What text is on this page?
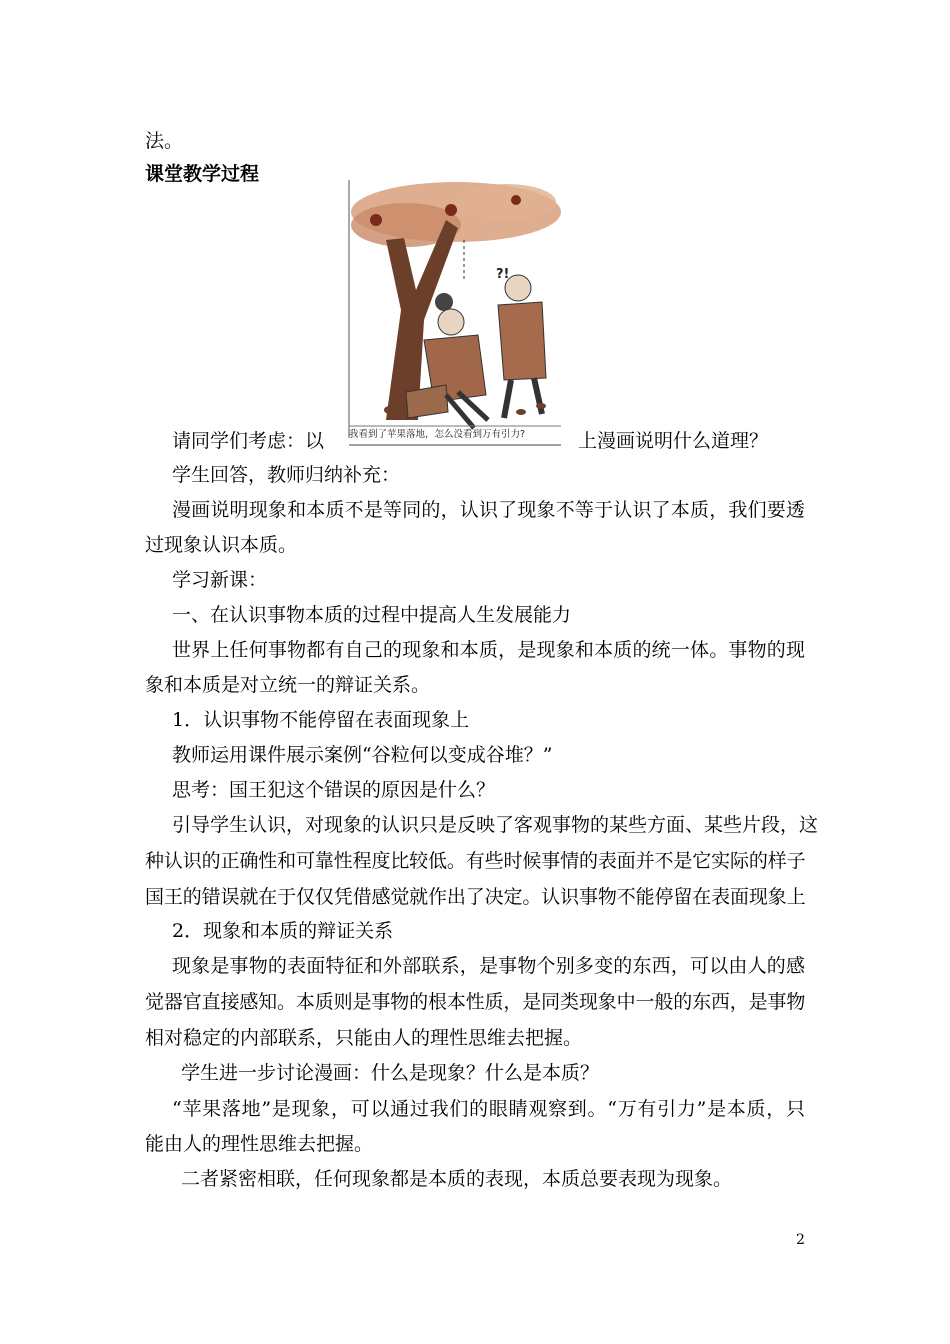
法。
课堂教学过程
?!
我看到了苹果落地，怎么没看到万有引力?
请同学们考虑：以	上漫画说明什么道理？
学生回答，教师归纳补充：
漫画说明现象和本质不是等同的，认识了现象不等于认识了本质，我们要透
过现象认识本质。
学习新课：
一、在认识事物本质的过程中提高人生发展能力
世界上任何事物都有自己的现象和本质，是现象和本质的统一体。事物的现
象和本质是对立统一的辩证关系。
1．认识事物不能停留在表面现象上
教师运用课件展示案例“谷粒何以变成谷堆？”
思考：国王犯这个错误的原因是什么？
引导学生认识，对现象的认识只是反映了客观事物的某些方面、某些片段，这
种认识的正确性和可靠性程度比较低。有些时候事情的表面并不是它实际的样子
国王的错误就在于仅仅凭借感觉就作出了决定。认识事物不能停留在表面现象上
2．现象和本质的辩证关系
现象是事物的表面特征和外部联系，是事物个别多变的东西，可以由人的感
觉器官直接感知。本质则是事物的根本性质，是同类现象中一般的东西，是事物
相对稳定的内部联系，只能由人的理性思维去把握。
学生进一步讨论漫画：什么是现象？什么是本质？
“苹果落地”是现象，可以通过我们的眼睛观察到。“万有引力”是本质，只
能由人的理性思维去把握。
二者紧密相联，任何现象都是本质的表现，本质总要表现为现象。
2
